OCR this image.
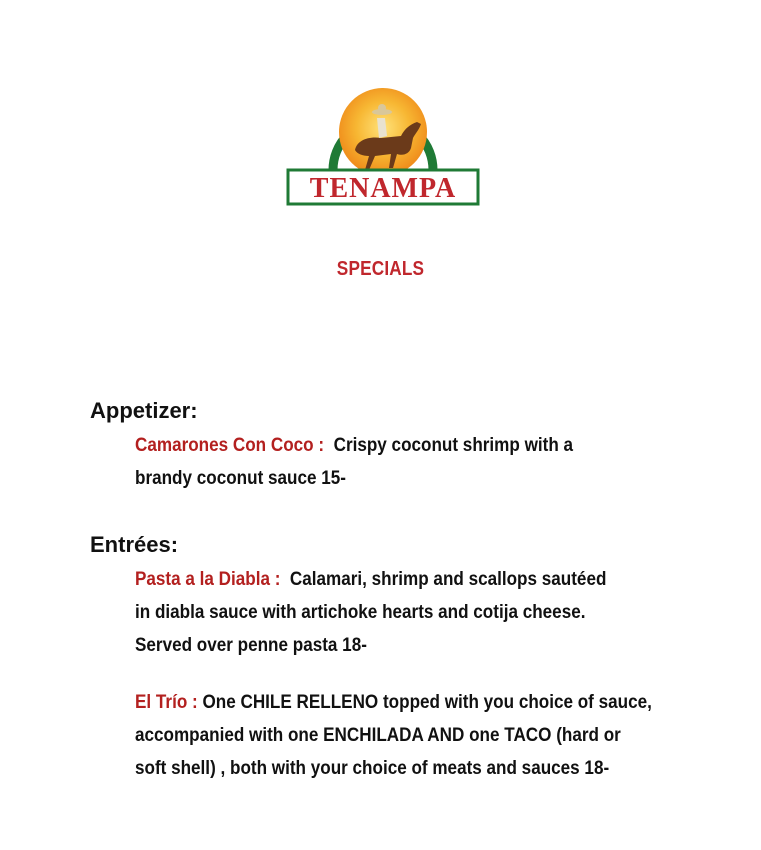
TENAMPA
SPECIALS
Appetizer:
Camarones Con Coco : Crispy coconut shrimp with a
brandy coconut sauce 15-
Entrées:
Pasta a la Diabla : Calamari, shrimp and scallops sautéed
in diabla sauce with artichoke hearts and cotija cheese.
Served over penne pasta 18-
El Trío : One CHILE RELLENO topped with you choice of sauce,
accompanied with one ENCHILADA AND one TACO (hard or
soft shell) , both with your choice of meats and sauces 18-
